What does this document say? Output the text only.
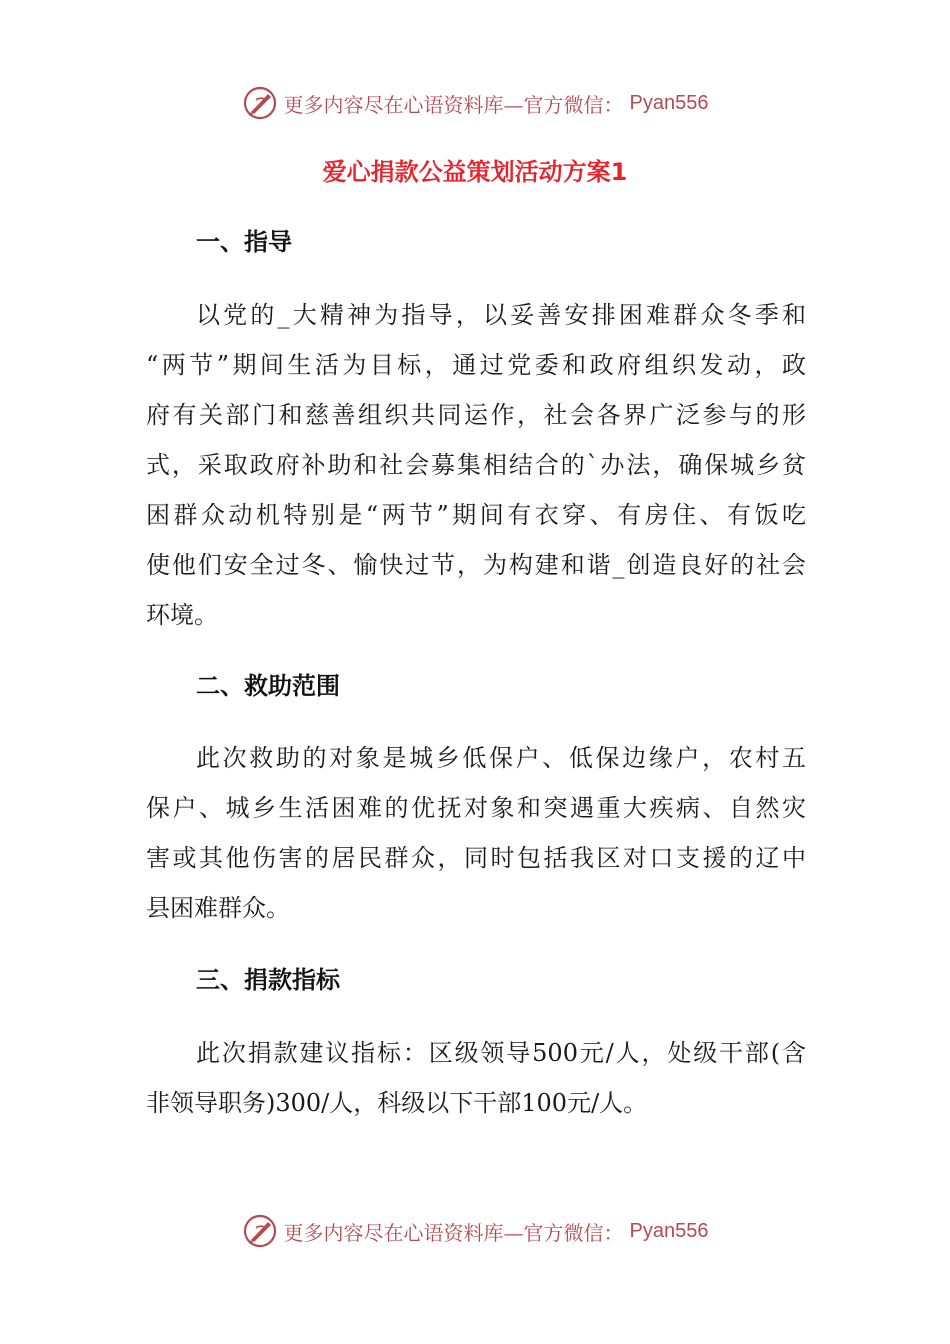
更多内容尽在心语资料库—官方微信： Pyan556
爱心捐款公益策划活动方案1
一、指导
以党的_大精神为指导，以妥善安排困难群众冬季和
“两节”期间生活为目标，通过党委和政府组织发动，政
府有关部门和慈善组织共同运作，社会各界广泛参与的形
式，采取政府补助和社会募集相结合的`办法，确保城乡贫
困群众动机特别是“两节”期间有衣穿、有房住、有饭吃
使他们安全过冬、愉快过节，为构建和谐_创造良好的社会
环境。
二、救助范围
此次救助的对象是城乡低保户、低保边缘户，农村五
保户、城乡生活困难的优抚对象和突遇重大疾病、自然灾
害或其他伤害的居民群众，同时包括我区对口支援的辽中
县困难群众。
三、捐款指标
此次捐款建议指标：区级领导500元/人，处级干部(含
非领导职务)300/人，科级以下干部100元/人。
更多内容尽在心语资料库—官方微信： Pyan556
